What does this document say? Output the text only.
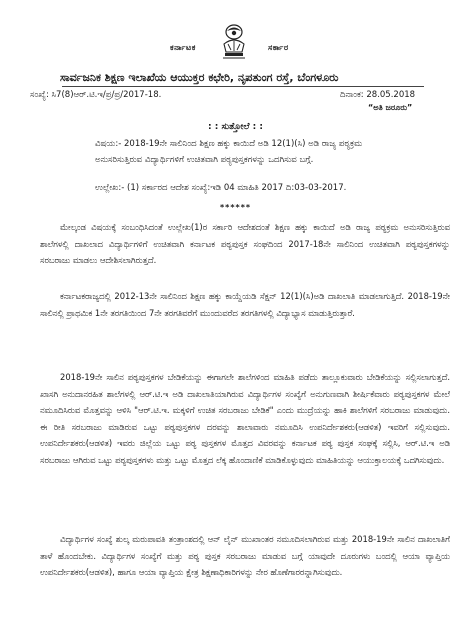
ಕರ್ನಾಟಕ	ಸರ್ಕಾರ
ಸಾರ್ವಜನಿಕ ಶಿಕ್ಷಣ ಇಲಾಖೆಯ ಆಯುಕ್ತರ ಕಛೇರಿ, ನೃಪತುಂಗ ರಸ್ತೆ, ಬೆಂಗಳೂರು
ಸಂಖ್ಯೆ: ಸಿ7(8)ಆರ್.ಟಿ.ಇ/ಪ್ರ/ಪ್ರ/2017-18.	ದಿನಾಂಕ: 28.05.2018
“ಅತಿ ಜರೂರು”
: : ಸುತ್ತೋಲೆ : :
ವಿಷಯ:- 2018-19ನೇ ಸಾಲಿನಿಂದ ಶಿಕ್ಷಣ ಹಕ್ಕು ಕಾಯಿದೆ ಅಡಿ 12(1)(ಸಿ) ಅಡಿ ರಾಜ್ಯ ಪಠ್ಯಕ್ರಮ ಅನುಸರಿಸುತ್ತಿರುವ ವಿದ್ಯಾರ್ಥಿಗಳಿಗೆ ಉಚಿತವಾಗಿ ಪಠ್ಯಪುಸ್ತಕಗಳನ್ನು ಒದಗಿಸುವ ಬಗ್ಗೆ.
ಉಲ್ಲೇಖ:- (1) ಸರ್ಕಾರದ ಆದೇಶ ಸಂಖ್ಯೆ:ಇಡಿ 04 ಮಾಹಿತಿ 2017 ದಿ:03-03-2017.
******

ಮೇಲ್ಕಂಡ ವಿಷಯಕ್ಕೆ ಸಂಬಂಧಿಸಿದಂತೆ ಉಲ್ಲೇಖ(1)ರ ಸರ್ಕಾರಿ ಆದೇಶದಂತೆ ಶಿಕ್ಷಣ ಹಕ್ಕು ಕಾಯಿದೆ ಅಡಿ ರಾಜ್ಯ ಪಠ್ಯಕ್ರಮ ಅನುಸರಿಸುತ್ತಿರುವ ಶಾಲೆಗಳಲ್ಲಿ ದಾಖಲಾದ ವಿದ್ಯಾರ್ಥಿಗಳಿಗೆ ಉಚಿತವಾಗಿ ಕರ್ನಾಟಕ ಪಠ್ಯಪುಸ್ತಕ ಸಂಘದಿಂದ 2017-18ನೇ ಸಾಲಿನಿಂದ ಉಚಿತವಾಗಿ ಪಠ್ಯಪುಸ್ತಕಗಳನ್ನು ಸರಬರಾಜು ಮಾಡಲು ಆದೇಶಿಸಲಾಗಿರುತ್ತದೆ.

ಕರ್ನಾಟಕರಾಜ್ಯದಲ್ಲಿ 2012-13ನೇ ಸಾಲಿನಿಂದ ಶಿಕ್ಷಣ ಹಕ್ಕು ಕಾಯ್ದೆಯಡಿ ಸೆಕ್ಷನ್ 12(1)(ಸಿ)ಅಡಿ ದಾಖಲಾತಿ ಮಾಡಲಾಗುತ್ತಿದೆ. 2018-19ನೇ ಸಾಲಿನಲ್ಲಿ ಪ್ರಾಥಮಿಕ 1ನೇ ತರಗತಿಯಿಂದ 7ನೇ ತರಗತಿವರೆಗೆ ಮುಂದುವರೆದ ತರಗತಿಗಳಲ್ಲಿ ವಿದ್ಯಾಭ್ಯಾಸ ಮಾಡುತ್ತಿರುತ್ತಾರೆ.

2018-19ನೇ ಸಾಲಿನ ಪಠ್ಯಪುಸ್ತಕಗಳ ಬೇಡಿಕೆಯನ್ನು ಈಗಾಗಲೇ ಶಾಲೆಗಳಿಂದ ಮಾಹಿತಿ ಪಡೆದು ತಾಲ್ಲೂಕುವಾರು ಬೇಡಿಕೆಯನ್ನು ಸಲ್ಲಿಸಲಾಗುತ್ತದೆ. ಖಾಸಗಿ ಅನುದಾನರಹಿತ ಶಾಲೆಗಳಲ್ಲಿ ಆರ್.ಟಿ.ಇ ಅಡಿ ದಾಖಲಾತಿಯಾಗಿರುವ ವಿದ್ಯಾರ್ಥಿಗಳ ಸಂಖ್ಯೆಗೆ ಅನುಗುಣವಾಗಿ ಶೀರ್ಷಿಕೆವಾರು ಪಠ್ಯಪುಸ್ತಕಗಳ ಮೇಲೆ ನಮೂದಿಸಿರುವ ಮೊತ್ತವನ್ನು ಆಳಿಸಿ "ಆರ್.ಟಿ.ಇ. ಮಕ್ಕಳಿಗೆ ಉಚಿತ ಸರಬರಾಜು ಬೇಡಿಕೆ" ಎಂದು ಮುದ್ರೆಯನ್ನು ಹಾಕಿ ಶಾಲೆಗಳಿಗೆ ಸರಬರಾಜು ಮಾಡುವುದು. ಈ ರೀತಿ ಸರಬರಾಜು ಮಾಡಿರುವ ಒಟ್ಟು ಪಠ್ಯಪುಸ್ತಕಗಳ ದರವನ್ನು ಶಾಲಾವಾರು ನಮೂದಿಸಿ ಉಪನಿರ್ದೇಶಕರು(ಆಡಳಿತ) ಇವರಿಗೆ ಸಲ್ಲಿಸುವುದು. ಉಪನಿರ್ದೇಶಕರು(ಆಡಳಿತ) ಇವರು ಜಿಲ್ಲೆಯ ಒಟ್ಟು ಪಠ್ಯ ಪುಸ್ತಕಗಳ ಮೊತ್ತದ ವಿವರವನ್ನು ಕರ್ನಾಟಕ ಪಠ್ಯ ಪುಸ್ತಕ ಸಂಘಕ್ಕೆ ಸಲ್ಲಿಸಿ, ಆರ್.ಟಿ.ಇ ಅಡಿ ಸರಬರಾಜು ಆಗಿರುವ ಒಟ್ಟು ಪಠ್ಯಪುಸ್ತಕಗಳು ಮತ್ತು ಒಟ್ಟು ಮೊತ್ತದ ಲೆಕ್ಕ ಹೊಂದಾಣಿಕೆ ಮಾಡಿಕೊಳ್ಳುವುದು ಮಾಹಿತಿಯನ್ನು ಆಯುಕ್ತಾಲಯಕ್ಕೆ ಒದಗಿಸುವುದು.

ವಿದ್ಯಾರ್ಥಿಗಳ ಸಂಖ್ಯೆ ಶುಲ್ಕ ಮರುಪಾವತಿ ತಂತ್ರಾಂಶದಲ್ಲಿ ಆನ್ ಲೈನ್ ಮುಖಾಂತರ ನಮೂದಿಸಲಾಗಿರುವ ಮತ್ತು 2018-19ನೇ ಸಾಲಿನ ದಾಖಲಾತಿಗೆ ತಾಳೆ ಹೊಂದಬೇಕು. ವಿದ್ಯಾರ್ಥಿಗಳ ಸಂಖ್ಯೆಗೆ ಮತ್ತು ಪಠ್ಯ ಪುಸ್ತಕ ಸರಬರಾಜು ಮಾಡುವ ಬಗ್ಗೆ ಯಾವುದೇ ದೂರುಗಳು ಬಂದಲ್ಲಿ ಆಯಾ ವ್ಯಾಪ್ತಿಯ ಉಪನಿರ್ದೇಶಕರು(ಆಡಳಿತ), ಹಾಗೂ ಆಯಾ ವ್ಯಾಪ್ತಿಯ ಕ್ಷೇತ್ರ ಶಿಕ್ಷಣಾಧಿಕಾರಿಗಳನ್ನು ನೇರ ಹೊಣೆಗಾರರನ್ನಾಗಿಸುವುದು.
